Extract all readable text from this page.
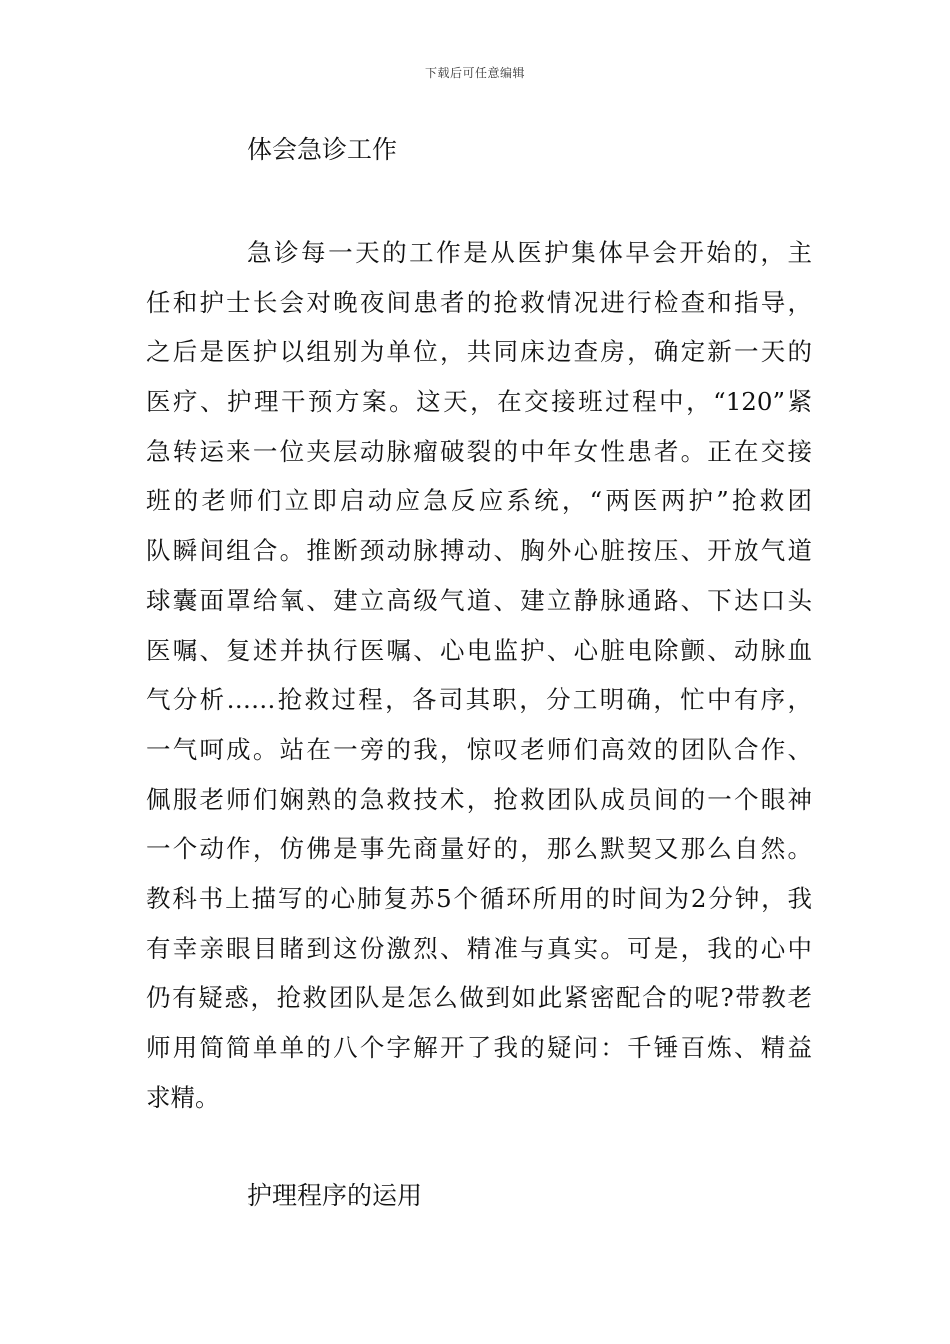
下载后可任意编辑
体会急诊工作
急诊每一天的工作是从医护集体早会开始的，主
任和护士长会对晚夜间患者的抢救情况进行检查和指导，
之后是医护以组别为单位，共同床边查房，确定新一天的
医疗、护理干预方案。这天，在交接班过程中，“120”紧
急转运来一位夹层动脉瘤破裂的中年女性患者。正在交接
班的老师们立即启动应急反应系统，“两医两护”抢救团
队瞬间组合。推断颈动脉搏动、胸外心脏按压、开放气道
球囊面罩给氧、建立高级气道、建立静脉通路、下达口头
医嘱、复述并执行医嘱、心电监护、心脏电除颤、动脉血
气分析……抢救过程，各司其职，分工明确，忙中有序，
一气呵成。站在一旁的我，惊叹老师们高效的团队合作、
佩服老师们娴熟的急救技术，抢救团队成员间的一个眼神
一个动作，仿佛是事先商量好的，那么默契又那么自然。
教科书上描写的心肺复苏5个循环所用的时间为2分钟，我
有幸亲眼目睹到这份激烈、精准与真实。可是，我的心中
仍有疑惑，抢救团队是怎么做到如此紧密配合的呢?带教老
师用简简单单的八个字解开了我的疑问：千锤百炼、精益
求精。
护理程序的运用
